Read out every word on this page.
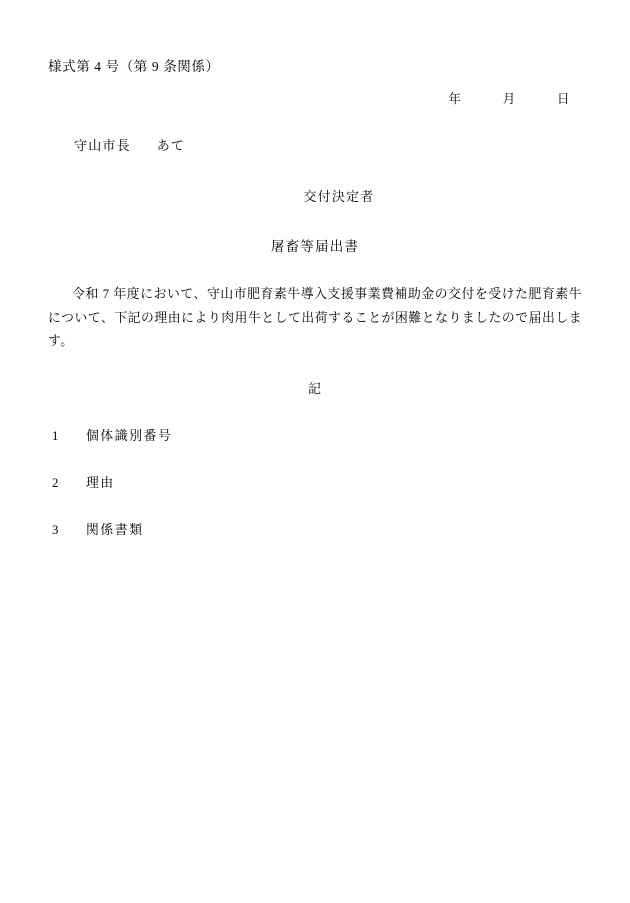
様式第 4 号（第 9 条関係）
年	月	日
守山市長 あて
交付決定者
屠畜等届出書
令和 7 年度において、守山市肥育素牛導入支援事業費補助金の交付を受けた肥育素牛について、下記の理由により肉用牛として出荷することが困難となりましたので届出します。
記
1 個体識別番号
2 理由
3 関係書類
